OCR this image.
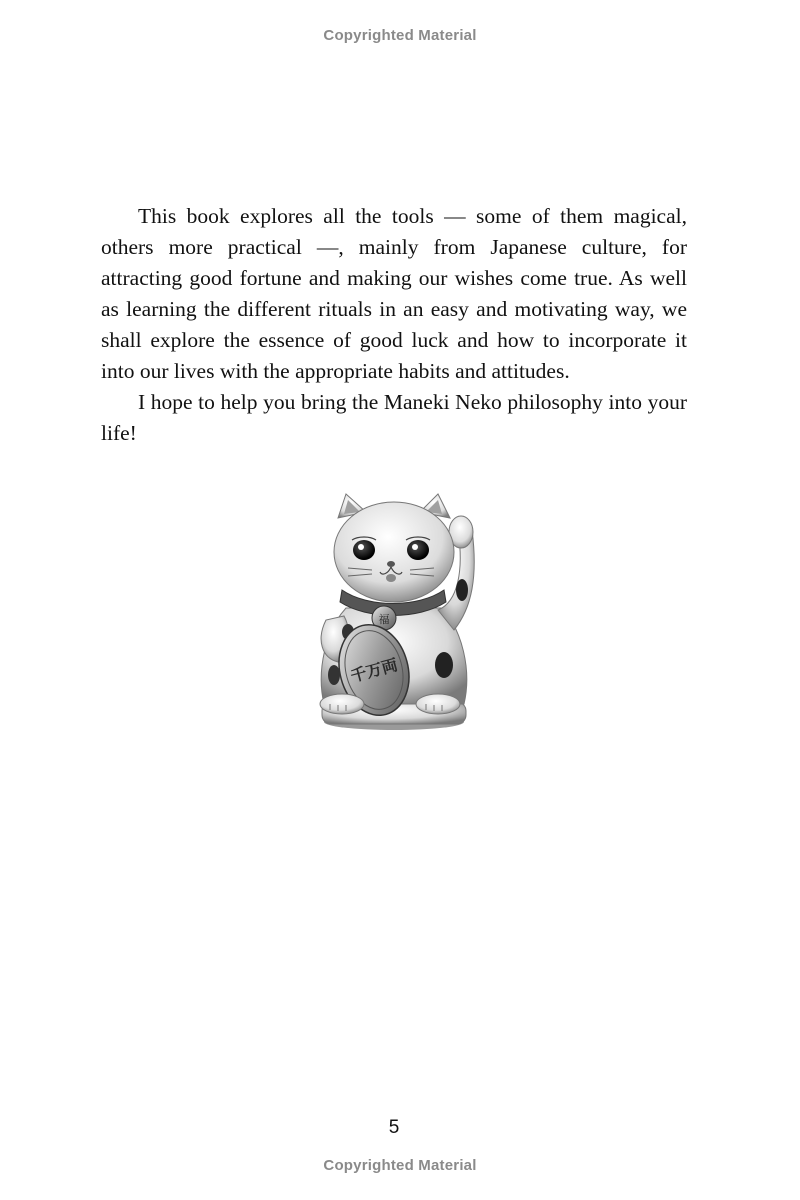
Copyrighted Material

This book explores all the tools — some of them magical, others more practical —, mainly from Japanese culture, for attracting good fortune and making our wishes come true. As well as learning the different rituals in an easy and motivating way, we shall explore the essence of good luck and how to incorporate it into our lives with the appropriate habits and attitudes.

I hope to help you bring the Maneki Neko philosophy into your life!

福
千万両
5
Copyrighted Material
